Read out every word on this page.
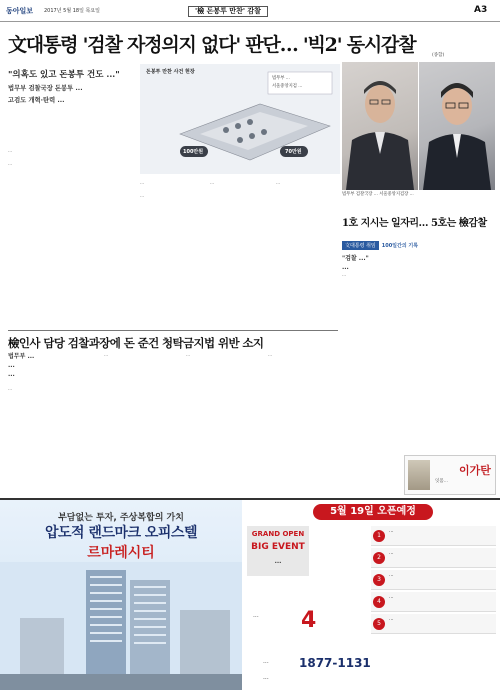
동아일보 2017년 5월 18일 목요일	'檢 돈봉투 만찬' 감찰	A3
文대통령 '검찰 자정의지 없다' 판단… '빅2' 동시감찰	(종합)
"의혹도 있고 돈봉투 건도 ..."
법무부 검찰국장 돈봉투 ...
고검도 개혁·탄력 ...
...

...
...

...
...	...
돈봉투 만찬 사건 현장
법무부 ...
서울중앙지검 ...
100만원	70만원
법무부 검찰국장 ... 서울중앙지검장 ...
1호 지시는 일자리… 5호는 檢감찰
文대통령 취임 100일간의 기록
"검찰 ..."
...
...
檢인사 담당 검찰과장에 돈 준건 청탁금지법 위반 소지
법무부 ...
...
...
...
...	...	...
이가탄
잇몸...
부담없는 투자, 주상복합의 가치
압도적 랜드마크 오피스텔
르마레시티
5월 19일 오픈예정
GRAND OPEN
BIG EVENT
...
1
...
2
...
3
...
4
...
5
...
...	4
...	1877-1131
...
